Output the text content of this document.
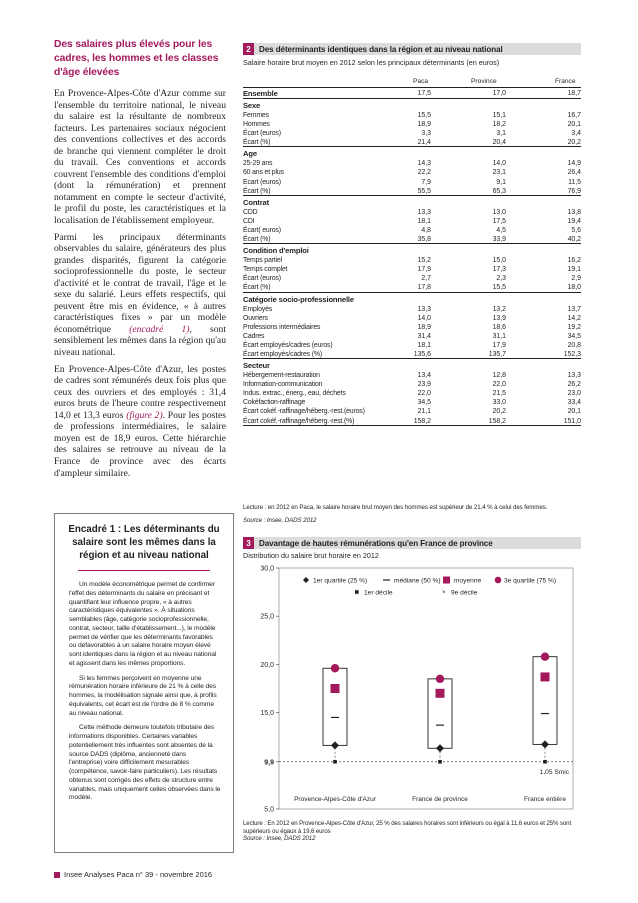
Des salaires plus élevés pour les cadres, les hommes et les classes d'âge élevées

En Provence-Alpes-Côte d'Azur comme sur l'ensemble du territoire national, le niveau du salaire est la résultante de nombreux facteurs. Les partenaires sociaux négocient des conventions collectives et des accords de branche qui viennent compléter le droit du travail. Ces conventions et accords couvrent l'ensemble des conditions d'emploi (dont la rémunération) et prennent notamment en compte le secteur d'activité, le profil du poste, les caractéristiques et la localisation de l'établissement employeur.

Parmi les principaux déterminants observables du salaire, générateurs des plus grandes disparités, figurent la catégorie socioprofessionnelle du poste, le secteur d'activité et le contrat de travail, l'âge et le sexe du salarié. Leurs effets respectifs, qui peuvent être mis en évidence, « à autres caractéristiques fixes » par un modèle économétrique (encadré 1), sont sensiblement les mêmes dans la région qu'au niveau national.

En Provence-Alpes-Côte d'Azur, les postes de cadres sont rémunérés deux fois plus que ceux des ouvriers et des employés : 31,4 euros bruts de l'heure contre respectivement 14,0 et 13,3 euros (figure 2). Pour les postes de professions intermédiaires, le salaire moyen est de 18,9 euros. Cette hiérarchie des salaires se retrouve au niveau de la France de province avec des écarts d'ampleur similaire.

Encadré 1 : Les déterminants du salaire sont les mêmes dans la région et au niveau national

Un modèle économétrique permet de confirmer l'effet des déterminants du salaire en précisant et quantifiant leur influence propre, « à autres caractéristiques équivalentes ». À situations semblables (âge, catégorie socioprofessionnelle, contrat, secteur, taille d'établissement...), le modèle permet de vérifier que les déterminants favorables ou défavorables à un salaire horaire moyen élevé sont identiques dans la région et au niveau national et agissent dans les mêmes proportions.

Si les femmes perçoivent en moyenne une rémunération horaire inférieure de 21 % à celle des hommes, la modélisation signale ainsi que, à profils équivalents, cet écart est de l'ordre de 8 % comme au niveau national.

Cette méthode demeure toutefois tributaire des informations disponibles. Certaines variables potentiellement très influentes sont absentes de la source DADS (diplôme, ancienneté dans l'entreprise) voire difficilement mesurables (compétence, savoir-faire particuliers). Les résultats obtenus sont corrigés des effets de structure entre variables, mais uniquement celles observées dans le modèle.

Insee Analyses Paca n° 39 - novembre 2016
2	Des déterminants identiques dans la région et au niveau national
Salaire horaire brut moyen en 2012 selon les principaux déterminants (en euros)
Paca	Province	France
Ensemble	17,5	17,0	18,7
Sexe
Femmes	15,5	15,1	16,7
Hommes	18,9	18,2	20,1
Écart (euros)	3,3	3,1	3,4
Écart (%)	21,4	20,4	20,2
Age
25-29 ans	14,3	14,0	14,9
60 ans et plus	22,2	23,1	26,4
Ecart (euros)	7,9	9,1	11,5
Écart (%)	55,5	65,3	76,9
Contrat
CDD	13,3	13,0	13,8
CDI	18,1	17,5	19,4
Écart( euros)	4,8	4,5	5,6
Écart (%)	35,8	33,9	40,2
Condition d'emploi
Temps partiel	15,2	15,0	16,2
Temps complet	17,9	17,3	19,1
Écart (euros)	2,7	2,3	2,9
Écart (%)	17,8	15,5	18,0
Catégorie socio-professionnelle
Employés	13,3	13,2	13,7
Ouvriers	14,0	13,9	14,2
Professions intermédiaires	18,9	18,6	19,2
Cadres	31,4	31,1	34,5
Écart employés/cadres (euros)	18,1	17,9	20,8
Écart employés/cadres (%)	135,6	135,7	152,3
Secteur
Hébergement-restauration	13,4	12,8	13,3
Information-communication	23,9	22,0	26,2
Indus. extrac., énerg., eau, déchets	22,0	21,5	23,0
Cokéfaction-raffinage	34,5	33,0	33,4
Écart cokéf.-raffinage/héberg.-rest.(euros)	21,1	20,2	20,1
Écart cokéf.-raffinage/héberg.-rest.(%)	158,2	158,2	151,0
Lecture : en 2012 en Paca, le salaire horaire brut moyen des hommes est supérieur de 21,4 % à celui des femmes.
Source : Insee, DADS 2012
3	Davantage de hautes rémunérations qu'en France de province
Distribution du salaire brut horaire en 2012
5,0
9,9
15,0
20,0
25,0
30,0
1,05 Smic
Provence-Alpes-Côte d'Azur	France de province	France entière
1er quartile (25 %)	médiane (50 %) moyenne	3e quartile (75 %)
1er décile	× 9e décile
Lecture : En 2012 en Provence-Alpes-Côte d'Azur, 25 % des salaires horaires sont inférieurs ou égal à 11,6 euros et 25% sont supérieurs ou égaux à 19,6 euros
Source : Insee, DADS 2012
